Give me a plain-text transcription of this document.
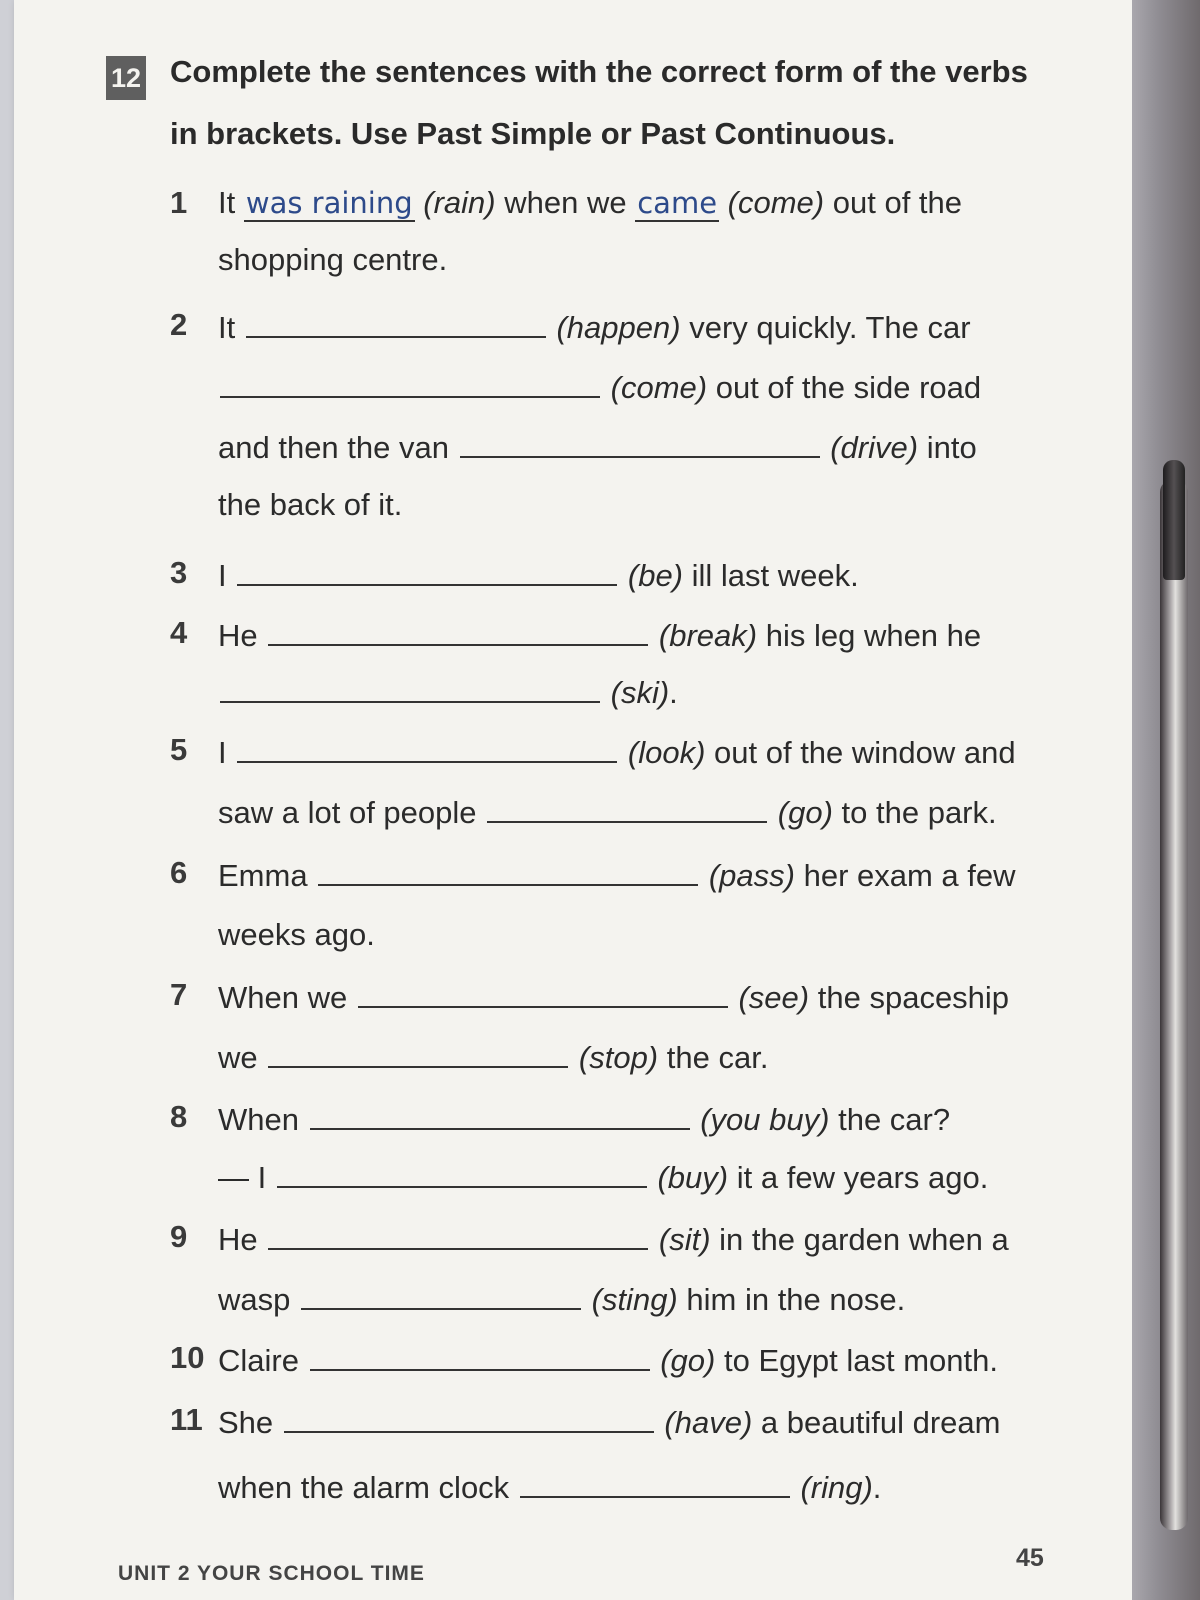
12 Complete the sentences with the correct form of the verbs
in brackets. Use Past Simple or Past Continuous.
1 It was raining (rain) when we came (come) out of the
shopping centre.
2 It	(happen) very quickly. The car
(come) out of the side road
and then the van	(drive) into
the back of it.
3 I	(be) ill last week.
4 He	(break) his leg when he
(ski).
5 I	(look) out of the window and
saw a lot of people	(go) to the park.
6 Emma	(pass) her exam a few
weeks ago.
7 When we	(see) the spaceship
we	(stop) the car.
8 When	(you buy) the car?
— I	(buy) it a few years ago.
9 He	(sit) in the garden when a
wasp	(sting) him in the nose.
10 Claire	(go) to Egypt last month.
11 She	(have) a beautiful dream
when the alarm clock	(ring).
UNIT 2 YOUR SCHOOL TIME
45
